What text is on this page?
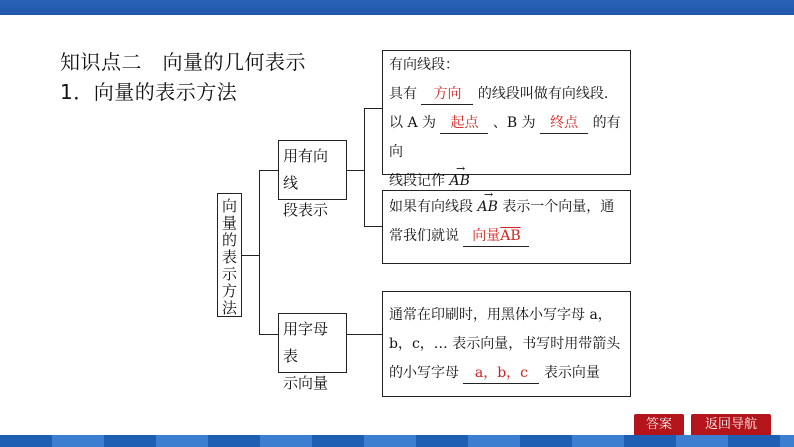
知识点二　向量的几何表示
1．向量的表示方法
向
量
的
表
示
方
法
用有向线
段表示
用字母表
示向量
有向线段：
具有 方向 的线段叫做有向线段.
以 A 为 起点 、B 为 终点 的有向
线段记作 → AB
如果有向线段 → AB 表示一个向量，通
常我们就说 向量$\overline{AB}$
通常在印刷时，用黑体小写字母 a，
b，c，… 表示向量，书写时用带箭头
的小写字母 a，b，c 表示向量
答案	返回导航
